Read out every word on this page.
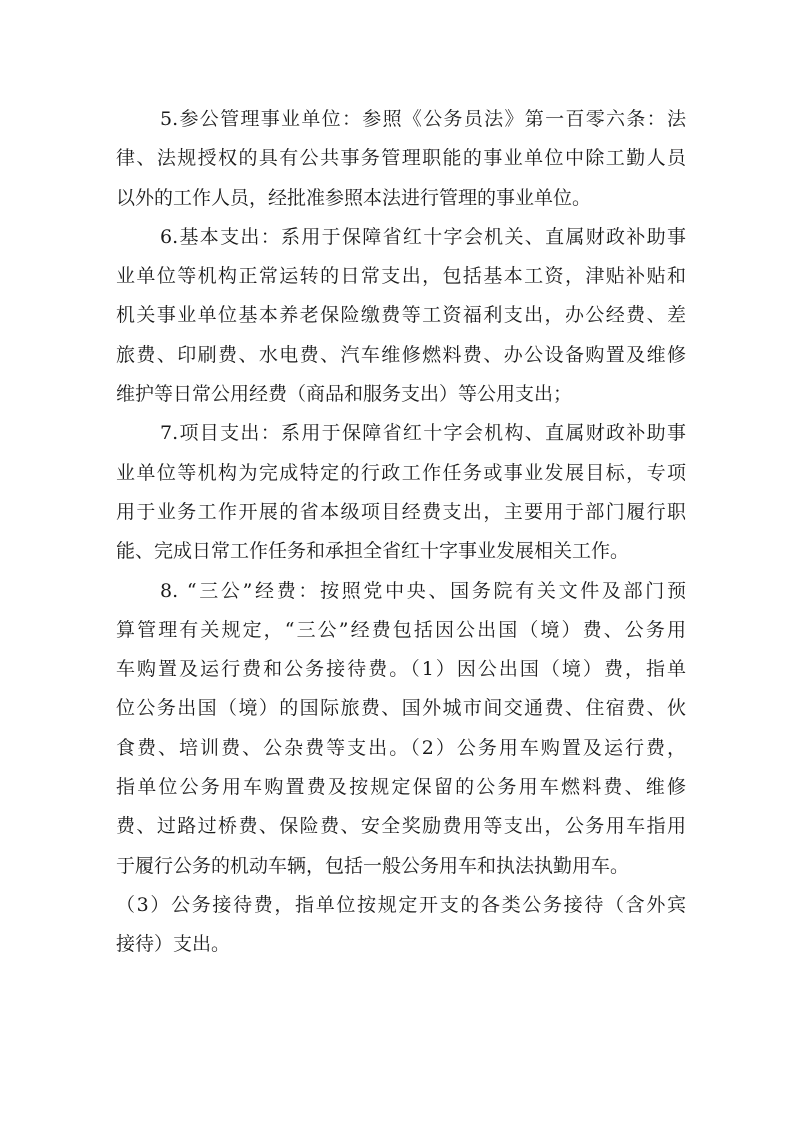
5.参公管理事业单位：参照《公务员法》第一百零六条：法
律、法规授权的具有公共事务管理职能的事业单位中除工勤人员
以外的工作人员，经批准参照本法进行管理的事业单位。
6.基本支出：系用于保障省红十字会机关、直属财政补助事
业单位等机构正常运转的日常支出，包括基本工资，津贴补贴和
机关事业单位基本养老保险缴费等工资福利支出，办公经费、差
旅费、印刷费、水电费、汽车维修燃料费、办公设备购置及维修
维护等日常公用经费（商品和服务支出）等公用支出；
7.项目支出：系用于保障省红十字会机构、直属财政补助事
业单位等机构为完成特定的行政工作任务或事业发展目标，专项
用于业务工作开展的省本级项目经费支出，主要用于部门履行职
能、完成日常工作任务和承担全省红十字事业发展相关工作。
8. “三公”经费：按照党中央、国务院有关文件及部门预
算管理有关规定，“三公”经费包括因公出国（境）费、公务用
车购置及运行费和公务接待费。（1）因公出国（境）费，指单
位公务出国（境）的国际旅费、国外城市间交通费、住宿费、伙
食费、培训费、公杂费等支出。（2）公务用车购置及运行费，
指单位公务用车购置费及按规定保留的公务用车燃料费、维修
费、过路过桥费、保险费、安全奖励费用等支出，公务用车指用
于履行公务的机动车辆，包括一般公务用车和执法执勤用车。
（3）公务接待费，指单位按规定开支的各类公务接待（含外宾
接待）支出。
